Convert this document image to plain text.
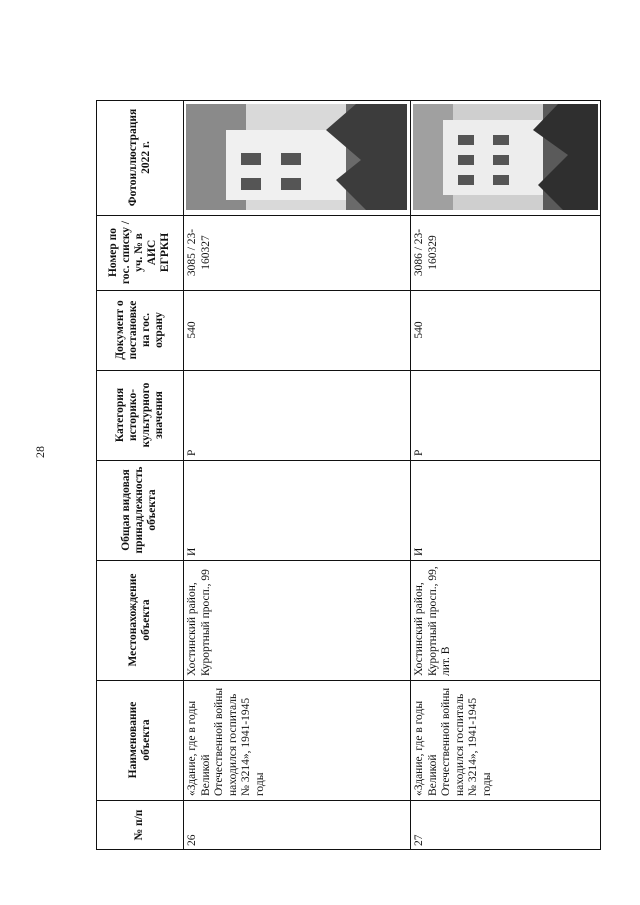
28
№ п/п
Наименование объекта
Местонахождение объекта
Общая видовая принадлежность объекта
Категория историко-культурного значения
Документ о постановке на гос. охрану
Номер по гос. списку /уч. № в АИС ЕГРКН
Фотоиллюстрация 2022 г.
26
«Здание, где в годы Великой Отечественной войны находился госпиталь № 3214», 1941-1945 годы
Хостинский район, Курортный просп., 99
И
Р
540
3085 / 23-160327
27
«Здание, где в годы Великой Отечественной войны находился госпиталь № 3214», 1941-1945 годы
Хостинский район, Курортный просп., 99, лит. В
И
Р
540
3086 / 23-160329
